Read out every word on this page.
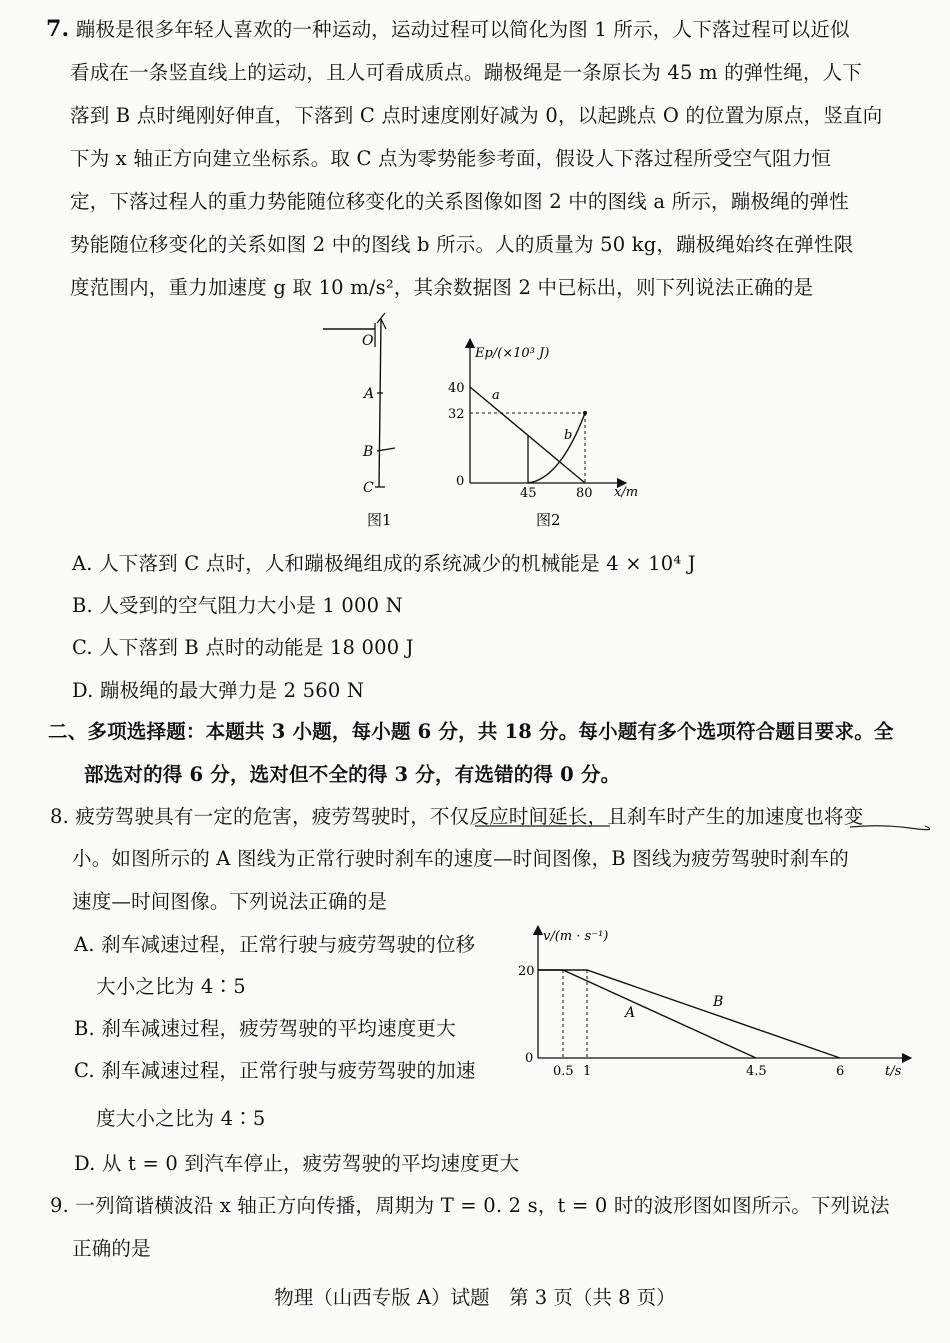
7. 蹦极是很多年轻人喜欢的一种运动，运动过程可以简化为图 1 所示，人下落过程可以近似
看成在一条竖直线上的运动，且人可看成质点。蹦极绳是一条原长为 45 m 的弹性绳，人下
落到 B 点时绳刚好伸直，下落到 C 点时速度刚好减为 0，以起跳点 O 的位置为原点，竖直向
下为 x 轴正方向建立坐标系。取 C 点为零势能参考面，假设人下落过程所受空气阻力恒
定，下落过程人的重力势能随位移变化的关系图像如图 2 中的图线 a 所示，蹦极绳的弹性
势能随位移变化的关系如图 2 中的图线 b 所示。人的质量为 50 kg，蹦极绳始终在弹性限
度范围内，重力加速度 g 取 10 m/s²，其余数据图 2 中已标出，则下列说法正确的是
O
A
B
C
图1
Ep/(×10³ J)
40
32
0
45	80 x/m
a
b
图2
A. 人下落到 C 点时，人和蹦极绳组成的系统减少的机械能是 4 × 10⁴ J
B. 人受到的空气阻力大小是 1 000 N
C. 人下落到 B 点时的动能是 18 000 J
D. 蹦极绳的最大弹力是 2 560 N
二、多项选择题：本题共 3 小题，每小题 6 分，共 18 分。每小题有多个选项符合题目要求。全
部选对的得 6 分，选对但不全的得 3 分，有选错的得 0 分。
8. 疲劳驾驶具有一定的危害，疲劳驾驶时，不仅反应时间延长，且刹车时产生的加速度也将变
小。如图所示的 A 图线为正常行驶时刹车的速度—时间图像，B 图线为疲劳驾驶时刹车的
速度—时间图像。下列说法正确的是
A. 刹车减速过程，正常行驶与疲劳驾驶的位移
大小之比为 4∶5
B. 刹车减速过程，疲劳驾驶的平均速度更大
C. 刹车减速过程，正常行驶与疲劳驾驶的加速
度大小之比为 4∶5
D. 从 t = 0 到汽车停止，疲劳驾驶的平均速度更大
v/(m · s⁻¹)
20
0
0.5 1	4.5	6	t/s
A
B
9. 一列简谐横波沿 x 轴正方向传播，周期为 T = 0. 2 s，t = 0 时的波形图如图所示。下列说法
正确的是
物理（山西专版 A）试题　第 3 页（共 8 页）
